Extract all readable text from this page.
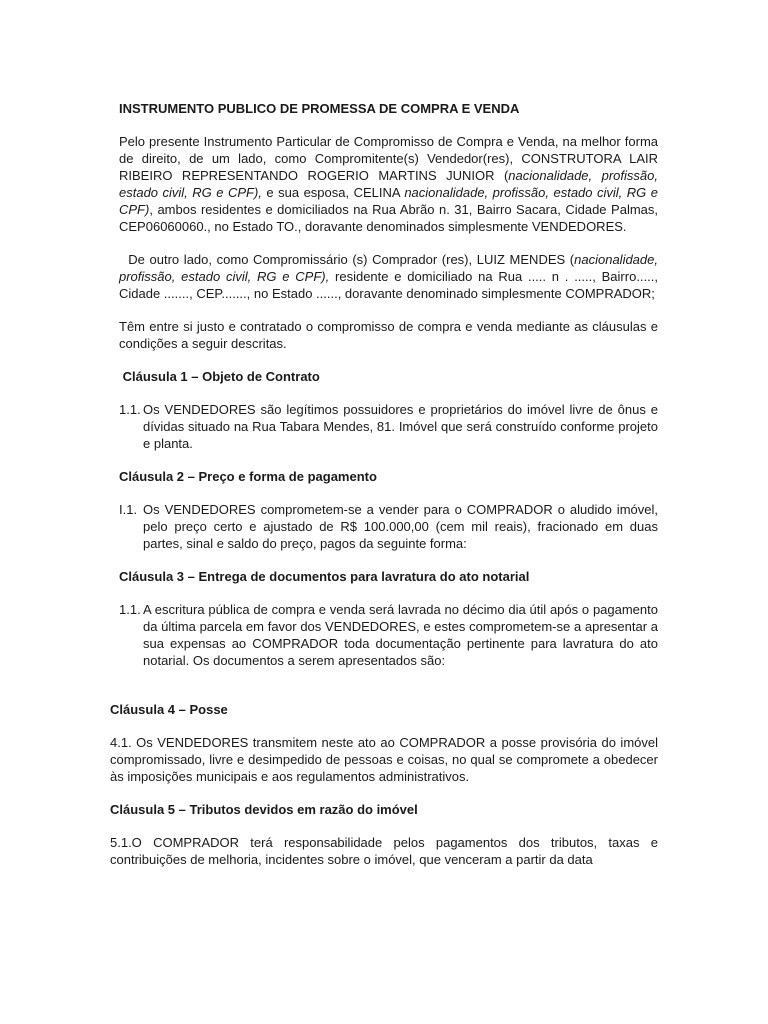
INSTRUMENTO PUBLICO DE PROMESSA DE COMPRA E VENDA

Pelo presente Instrumento Particular de Compromisso de Compra e Venda, na melhor forma de direito, de um lado, como Compromitente(s) Vendedor(res), CONSTRUTORA LAIR RIBEIRO REPRESENTANDO ROGERIO MARTINS JUNIOR (nacionalidade, profissão, estado civil, RG e CPF), e sua esposa, CELINA nacionalidade, profissão, estado civil, RG e CPF), ambos residentes e domiciliados na Rua Abrão n. 31, Bairro Sacara, Cidade Palmas, CEP06060060., no Estado TO., doravante denominados simplesmente VENDEDORES.

De outro lado, como Compromissário (s) Comprador (res), LUIZ MENDES (nacionalidade, profissão, estado civil, RG e CPF), residente e domiciliado na Rua ..... n . ....., Bairro....., Cidade ......., CEP......., no Estado ......, doravante denominado simplesmente COMPRADOR;

Têm entre si justo e contratado o compromisso de compra e venda mediante as cláusulas e condições a seguir descritas.

Cláusula 1 – Objeto de Contrato

1.1. Os VENDEDORES são legítimos possuidores e proprietários do imóvel livre de ônus e dívidas situado na Rua Tabara Mendes, 81. Imóvel que será construído conforme projeto e planta.

Cláusula 2 – Preço e forma de pagamento

I.1. Os VENDEDORES comprometem-se a vender para o COMPRADOR o aludido imóvel, pelo preço certo e ajustado de R$ 100.000,00 (cem mil reais), fracionado em duas partes, sinal e saldo do preço, pagos da seguinte forma:

Cláusula 3 – Entrega de documentos para lavratura do ato notarial

1.1. A escritura pública de compra e venda será lavrada no décimo dia útil após o pagamento da última parcela em favor dos VENDEDORES, e estes comprometem-se a apresentar a sua expensas ao COMPRADOR toda documentação pertinente para lavratura do ato notarial. Os documentos a serem apresentados são:

Cláusula 4 – Posse

4.1. Os VENDEDORES transmitem neste ato ao COMPRADOR a posse provisória do imóvel compromissado, livre e desimpedido de pessoas e coisas, no qual se compromete a obedecer às imposições municipais e aos regulamentos administrativos.

Cláusula 5 – Tributos devidos em razão do imóvel

5.1.O COMPRADOR terá responsabilidade pelos pagamentos dos tributos, taxas e contribuições de melhoria, incidentes sobre o imóvel, que venceram a partir da data
